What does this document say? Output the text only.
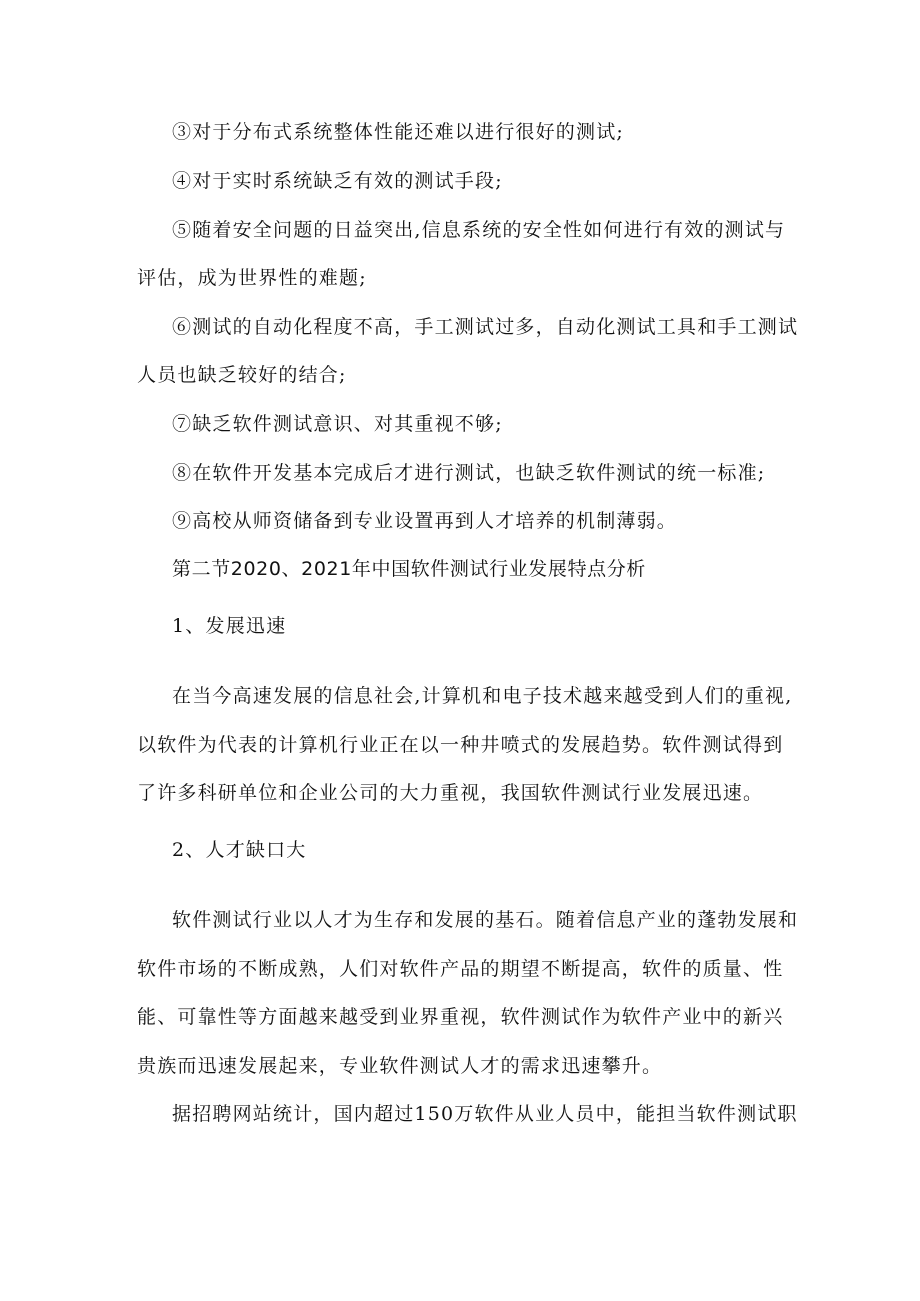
③对于分布式系统整体性能还难以进行很好的测试;
④对于实时系统缺乏有效的测试手段;
⑤随着安全问题的日益突出,信息系统的安全性如何进行有效的测试与
评估，成为世界性的难题;
⑥测试的自动化程度不高，手工测试过多，自动化测试工具和手工测试
人员也缺乏较好的结合;
⑦缺乏软件测试意识、对其重视不够;
⑧在软件开发基本完成后才进行测试，也缺乏软件测试的统一标准;
⑨高校从师资储备到专业设置再到人才培养的机制薄弱。
第二节2020、2021年中国软件测试行业发展特点分析
1、发展迅速
在当今高速发展的信息社会,计算机和电子技术越来越受到人们的重视,
以软件为代表的计算机行业正在以一种井喷式的发展趋势。软件测试得到
了许多科研单位和企业公司的大力重视，我国软件测试行业发展迅速。
2、人才缺口大
软件测试行业以人才为生存和发展的基石。随着信息产业的蓬勃发展和
软件市场的不断成熟，人们对软件产品的期望不断提高，软件的质量、性
能、可靠性等方面越来越受到业界重视，软件测试作为软件产业中的新兴
贵族而迅速发展起来，专业软件测试人才的需求迅速攀升。
据招聘网站统计，国内超过150万软件从业人员中，能担当软件测试职
